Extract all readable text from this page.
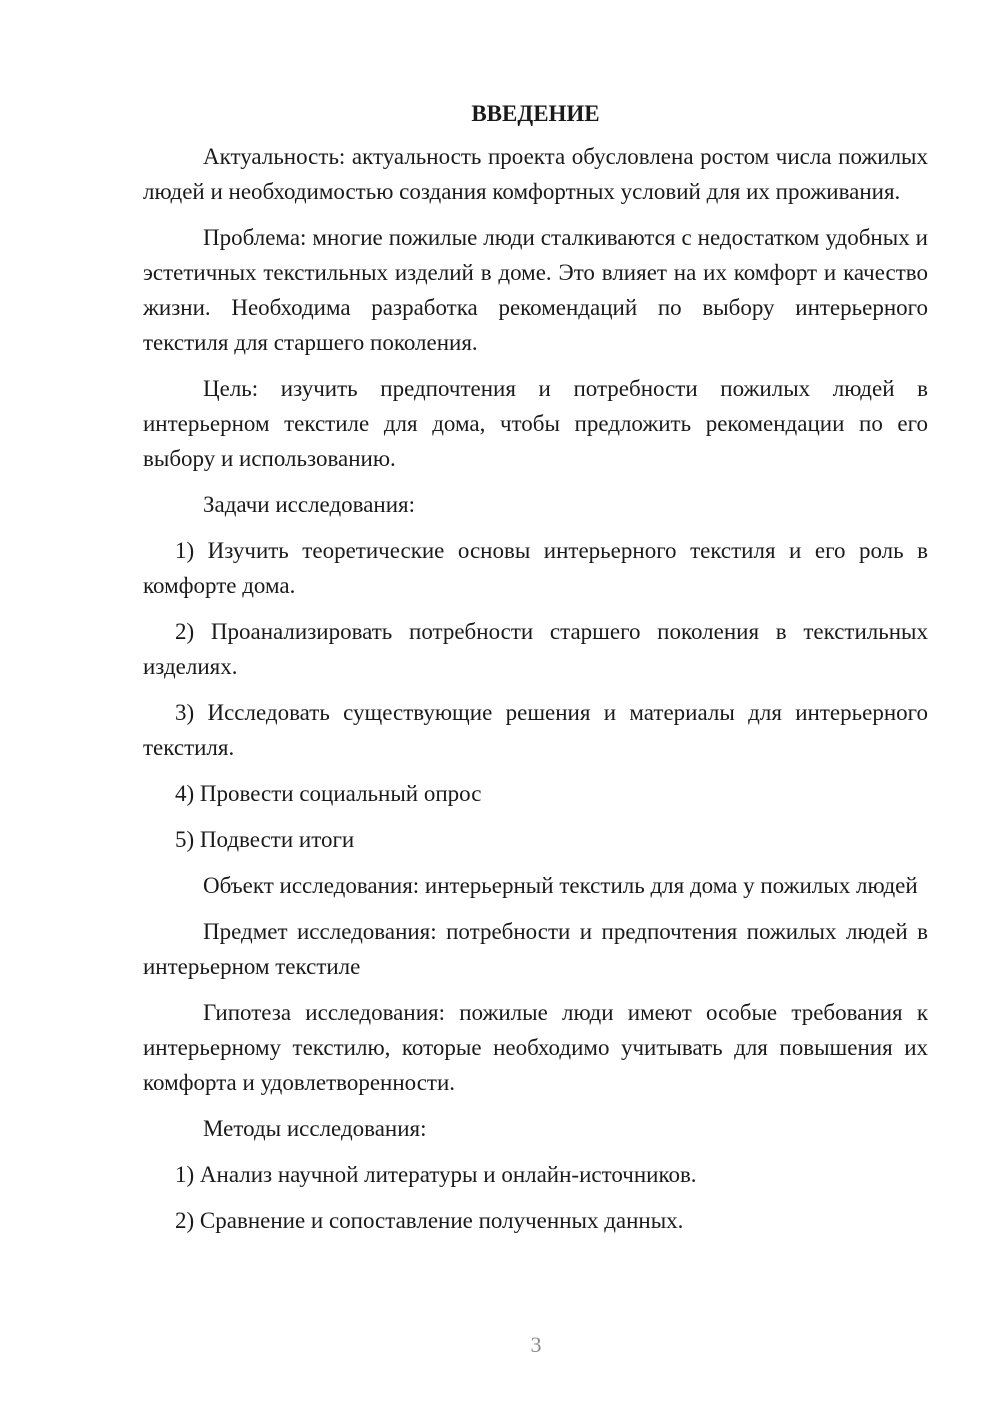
ВВЕДЕНИЕ

Актуальность: актуальность проекта обусловлена ростом числа пожилых людей и необходимостью создания комфортных условий для их проживания.

Проблема: многие пожилые люди сталкиваются с недостатком удобных и эстетичных текстильных изделий в доме. Это влияет на их комфорт и качество жизни. Необходима разработка рекомендаций по выбору интерьерного текстиля для старшего поколения.

Цель: изучить предпочтения и потребности пожилых людей в интерьерном текстиле для дома, чтобы предложить рекомендации по его выбору и использованию.

Задачи исследования:

1) Изучить теоретические основы интерьерного текстиля и его роль в комфорте дома.

2) Проанализировать потребности старшего поколения в текстильных изделиях.

3) Исследовать существующие решения и материалы для интерьерного текстиля.

4) Провести социальный опрос

5) Подвести итоги

Объект исследования: интерьерный текстиль для дома у пожилых людей

Предмет исследования: потребности и предпочтения пожилых людей в интерьерном текстиле

Гипотеза исследования: пожилые люди имеют особые требования к интерьерному текстилю, которые необходимо учитывать для повышения их комфорта и удовлетворенности.

Методы исследования:

1) Анализ научной литературы и онлайн-источников.

2) Сравнение и сопоставление полученных данных.

3
